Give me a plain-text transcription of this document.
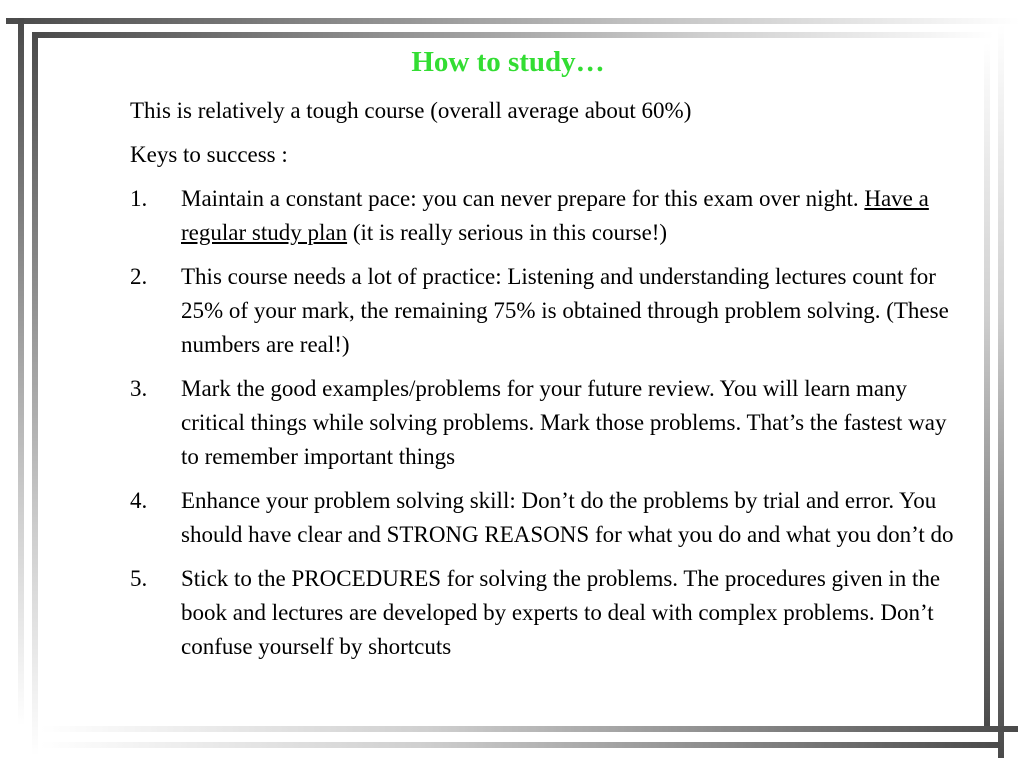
How to study…

This is relatively a tough course (overall average about 60%)

Keys to success :

1.	Maintain a constant pace: you can never prepare for this exam over night. Have a regular study plan (it is really serious in this course!)
2.	This course needs a lot of practice: Listening and understanding lectures count for 25% of your mark, the remaining 75% is obtained through problem solving. (These numbers are real!)
3.	Mark the good examples/problems for your future review. You will learn many critical things while solving problems. Mark those problems. That’s the fastest way to remember important things
4.	Enhance your problem solving skill: Don’t do the problems by trial and error. You should have clear and STRONG REASONS for what you do and what you don’t do
5.	Stick to the PROCEDURES for solving the problems. The procedures given in the book and lectures are developed by experts to deal with complex problems. Don’t confuse yourself by shortcuts
